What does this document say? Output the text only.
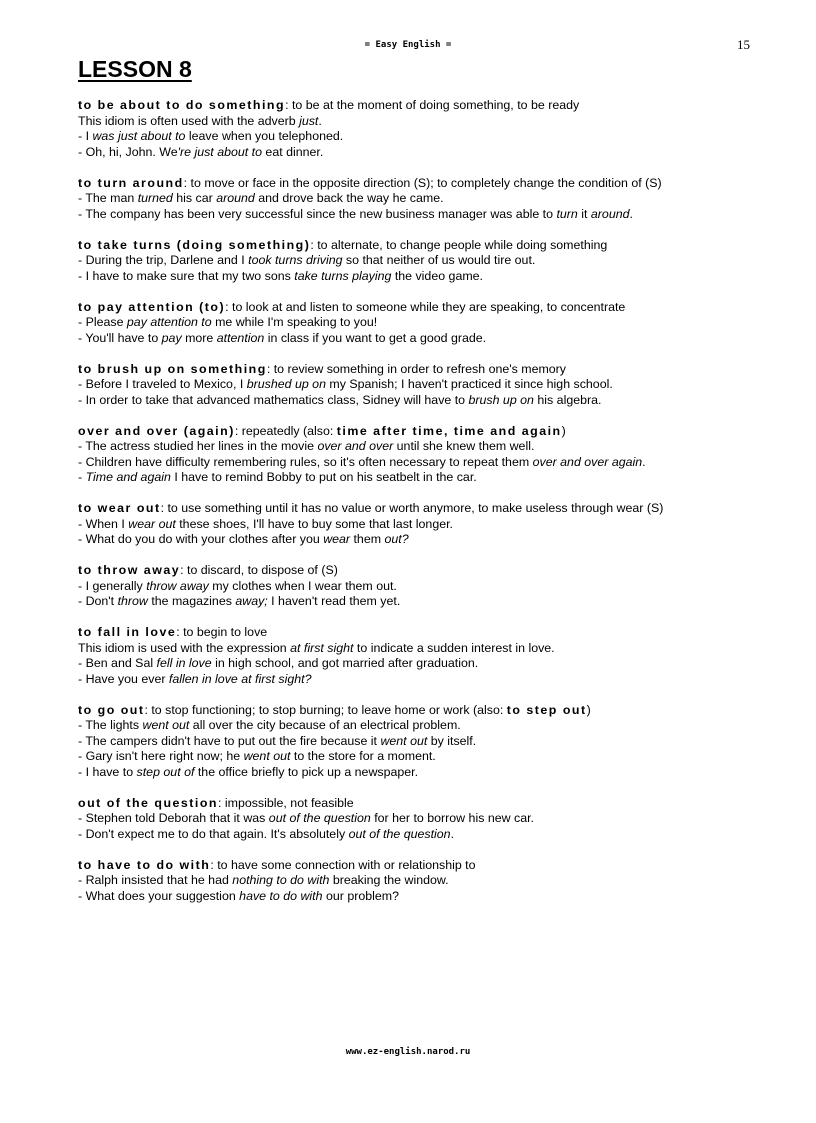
= Easy English =	15
LESSON 8
to be about to do something: to be at the moment of doing something, to be ready
This idiom is often used with the adverb just.
- I was just about to leave when you telephoned.
- Oh, hi, John. We're just about to eat dinner.
to turn around: to move or face in the opposite direction (S); to completely change the condition of (S)
- The man turned his car around and drove back the way he came.
- The company has been very successful since the new business manager was able to turn it around.
to take turns (doing something): to alternate, to change people while doing something
- During the trip, Darlene and I took turns driving so that neither of us would tire out.
- I have to make sure that my two sons take turns playing the video game.
to pay attention (to): to look at and listen to someone while they are speaking, to concentrate
- Please pay attention to me while I'm speaking to you!
- You'll have to pay more attention in class if you want to get a good grade.
to brush up on something: to review something in order to refresh one's memory
- Before I traveled to Mexico, I brushed up on my Spanish; I haven't practiced it since high school.
- In order to take that advanced mathematics class, Sidney will have to brush up on his algebra.
over and over (again): repeatedly (also: time after time, time and again)
- The actress studied her lines in the movie over and over until she knew them well.
- Children have difficulty remembering rules, so it's often necessary to repeat them over and over again.
- Time and again I have to remind Bobby to put on his seatbelt in the car.
to wear out: to use something until it has no value or worth anymore, to make useless through wear (S)
- When I wear out these shoes, I'll have to buy some that last longer.
- What do you do with your clothes after you wear them out?
to throw away: to discard, to dispose of (S)
- I generally throw away my clothes when I wear them out.
- Don't throw the magazines away; I haven't read them yet.
to fall in love: to begin to love
This idiom is used with the expression at first sight to indicate a sudden interest in love.
- Ben and Sal fell in love in high school, and got married after graduation.
- Have you ever fallen in love at first sight?
to go out: to stop functioning; to stop burning; to leave home or work (also: to step out)
- The lights went out all over the city because of an electrical problem.
- The campers didn't have to put out the fire because it went out by itself.
- Gary isn't here right now; he went out to the store for a moment.
- I have to step out of the office briefly to pick up a newspaper.
out of the question: impossible, not feasible
- Stephen told Deborah that it was out of the question for her to borrow his new car.
- Don't expect me to do that again. It's absolutely out of the question.
to have to do with: to have some connection with or relationship to
- Ralph insisted that he had nothing to do with breaking the window.
- What does your suggestion have to do with our problem?
www.ez-english.narod.ru
